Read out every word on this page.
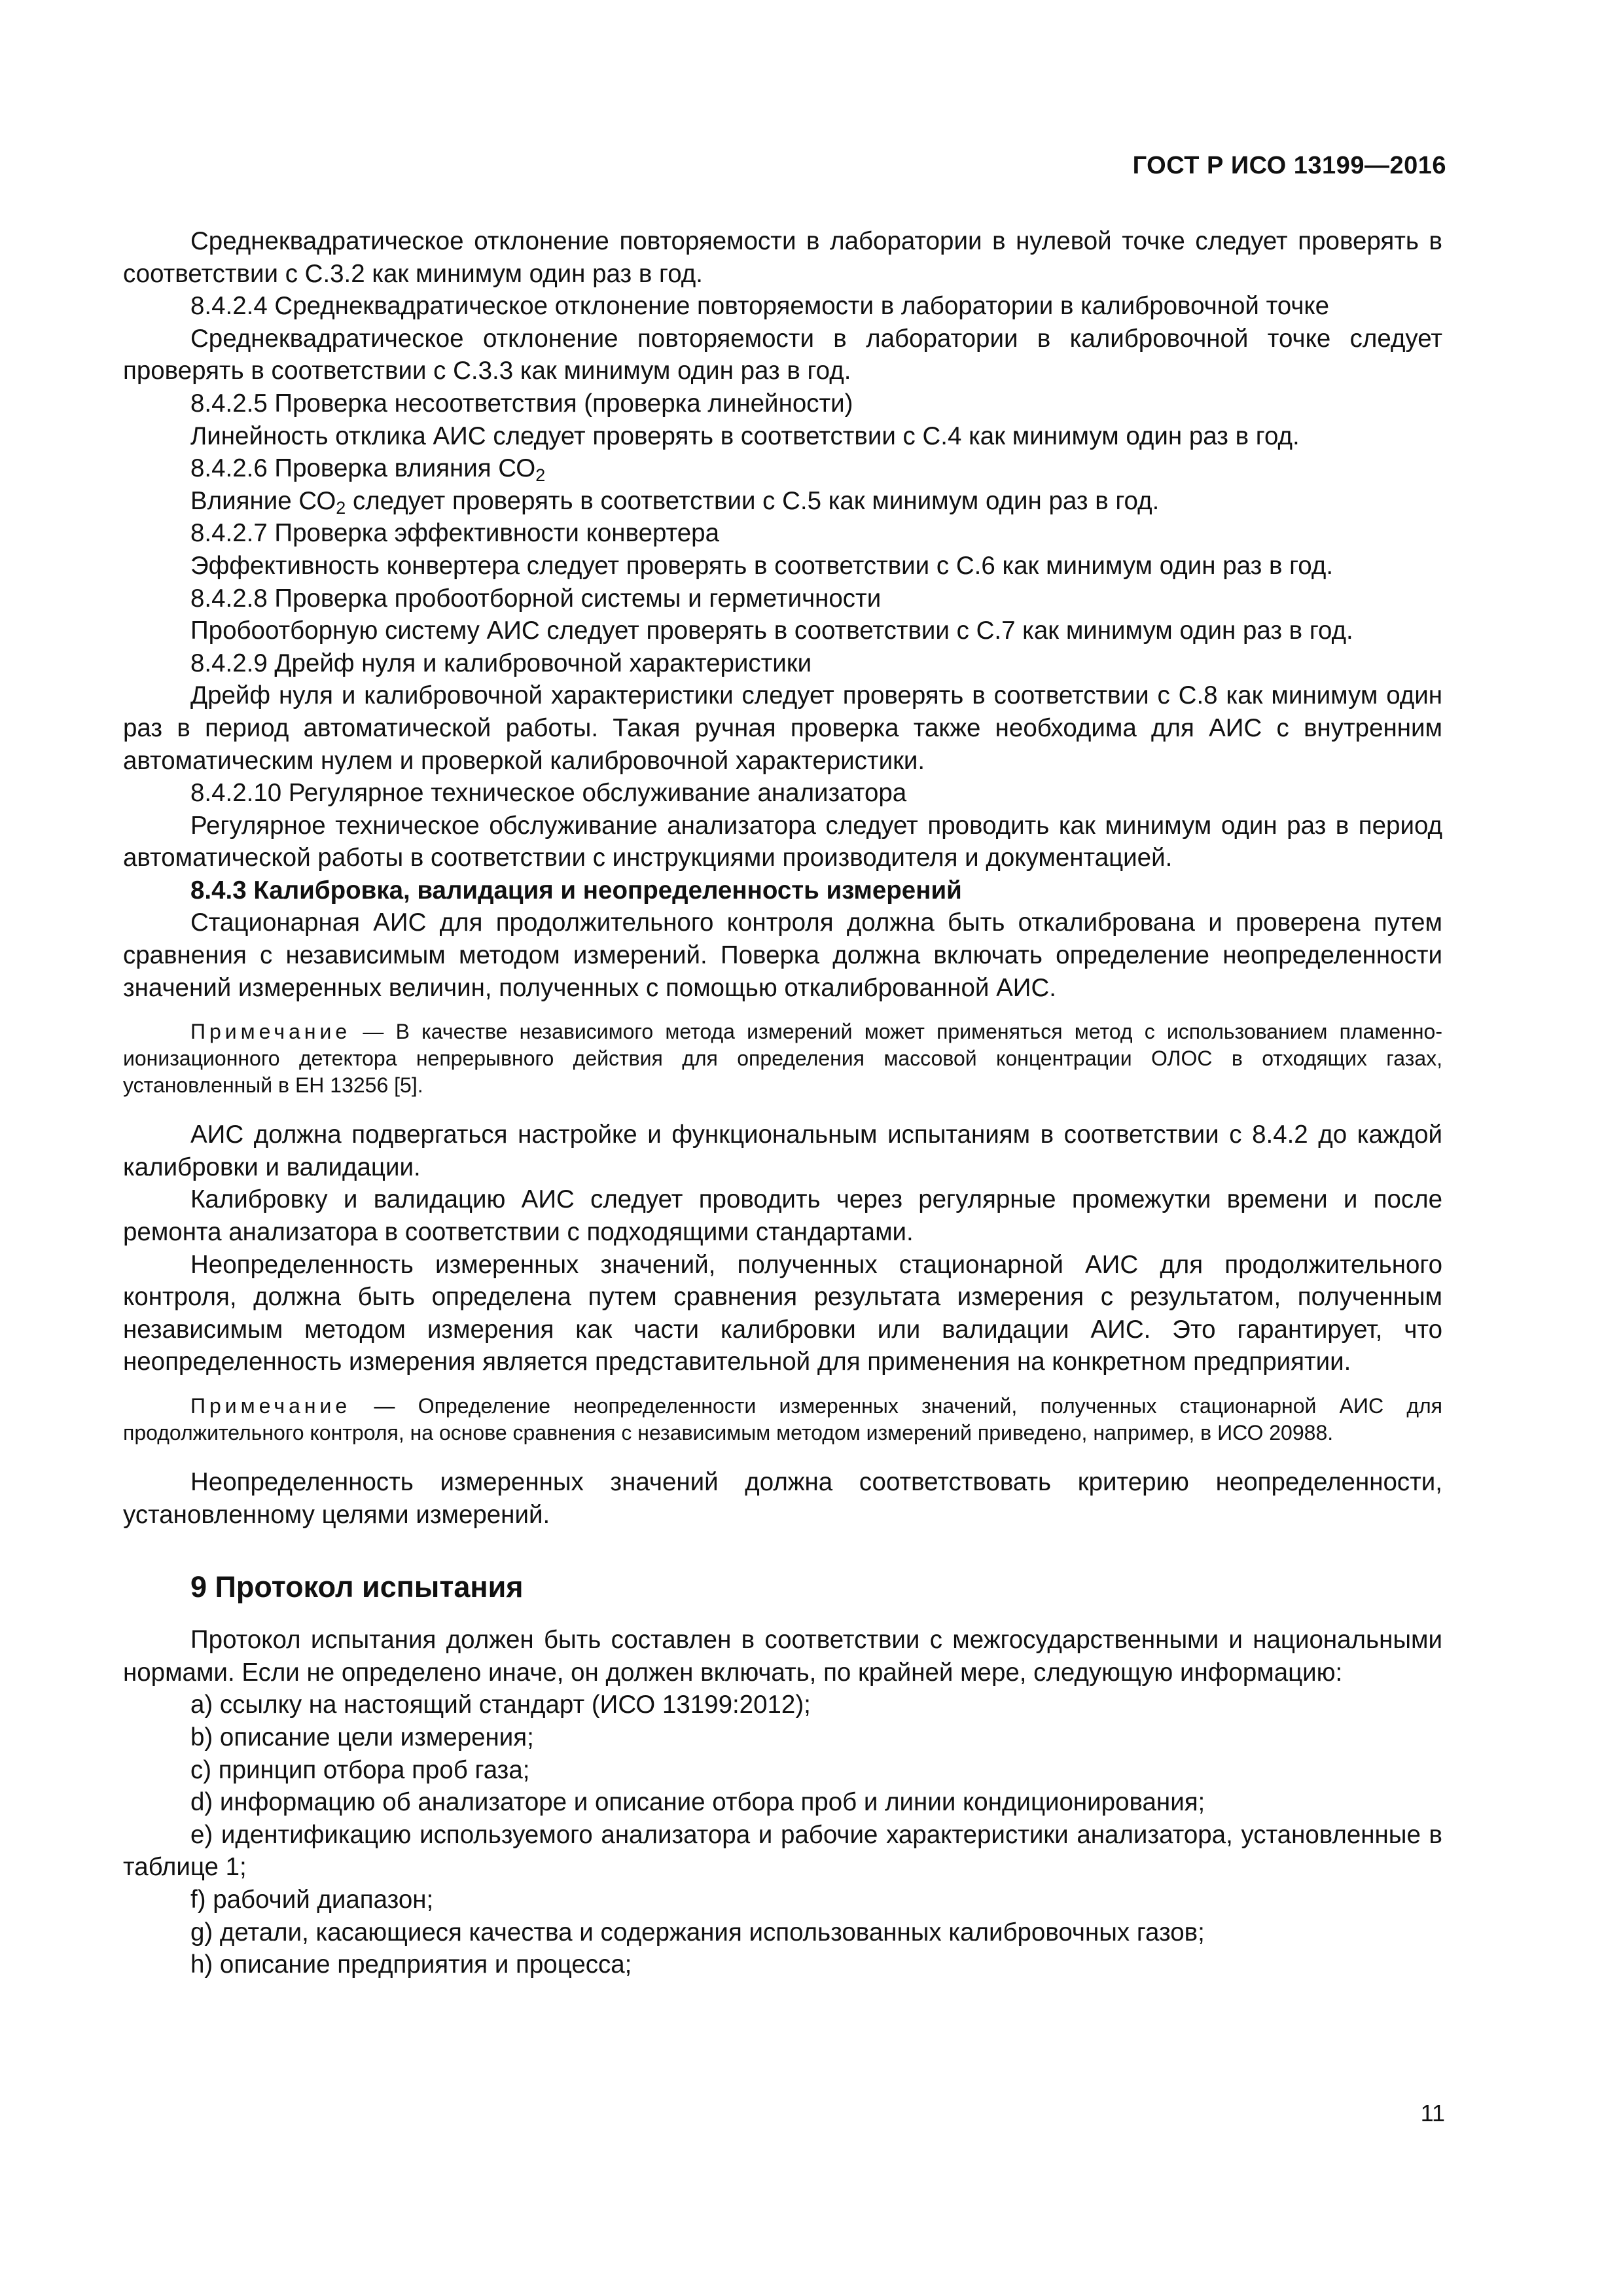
ГОСТ Р ИСО 13199—2016

Среднеквадратическое отклонение повторяемости в лаборатории в нулевой точке следует проверять в соответствии с С.3.2 как минимум один раз в год.

8.4.2.4 Среднеквадратическое отклонение повторяемости в лаборатории в калибровочной точке

Среднеквадратическое отклонение повторяемости в лаборатории в калибровочной точке следует проверять в соответствии с С.3.3 как минимум один раз в год.

8.4.2.5 Проверка несоответствия (проверка линейности)

Линейность отклика АИС следует проверять в соответствии с С.4 как минимум один раз в год.

8.4.2.6 Проверка влияния $СО_2$

Влияние $СО_2$ следует проверять в соответствии с С.5 как минимум один раз в год.

8.4.2.7 Проверка эффективности конвертера

Эффективность конвертера следует проверять в соответствии с С.6 как минимум один раз в год.

8.4.2.8 Проверка пробоотборной системы и герметичности

Пробоотборную систему АИС следует проверять в соответствии с С.7 как минимум один раз в год.

8.4.2.9 Дрейф нуля и калибровочной характеристики

Дрейф нуля и калибровочной характеристики следует проверять в соответствии с С.8 как минимум один раз в период автоматической работы. Такая ручная проверка также необходима для АИС с внутренним автоматическим нулем и проверкой калибровочной характеристики.

8.4.2.10 Регулярное техническое обслуживание анализатора

Регулярное техническое обслуживание анализатора следует проводить как минимум один раз в период автоматической работы в соответствии с инструкциями производителя и документацией.

8.4.3 Калибровка, валидация и неопределенность измерений

Стационарная АИС для продолжительного контроля должна быть откалибрована и проверена путем сравнения с независимым методом измерений. Поверка должна включать определение неопределенности значений измеренных величин, полученных с помощью откалиброванной АИС.

Примечание — В качестве независимого метода измерений может применяться метод с использованием пламенно-ионизационного детектора непрерывного действия для определения массовой концентрации ОЛОС в отходящих газах, установленный в ЕН 13256 [5].

АИС должна подвергаться настройке и функциональным испытаниям в соответствии с 8.4.2 до каждой калибровки и валидации.

Калибровку и валидацию АИС следует проводить через регулярные промежутки времени и после ремонта анализатора в соответствии с подходящими стандартами.

Неопределенность измеренных значений, полученных стационарной АИС для продолжительного контроля, должна быть определена путем сравнения результата измерения с результатом, полученным независимым методом измерения как части калибровки или валидации АИС. Это гарантирует, что неопределенность измерения является представительной для применения на конкретном предприятии.

Примечание — Определение неопределенности измеренных значений, полученных стационарной АИС для продолжительного контроля, на основе сравнения с независимым методом измерений приведено, например, в ИСО 20988.

Неопределенность измеренных значений должна соответствовать критерию неопределенности, установленному целями измерений.

9 Протокол испытания

Протокол испытания должен быть составлен в соответствии с межгосударственными и национальными нормами. Если не определено иначе, он должен включать, по крайней мере, следующую информацию:

a) ссылку на настоящий стандарт (ИСО 13199:2012);

b) описание цели измерения;

c) принцип отбора проб газа;

d) информацию об анализаторе и описание отбора проб и линии кондиционирования;

e) идентификацию используемого анализатора и рабочие характеристики анализатора, установленные в таблице 1;

f) рабочий диапазон;

g) детали, касающиеся качества и содержания использованных калибровочных газов;

h) описание предприятия и процесса;

11
